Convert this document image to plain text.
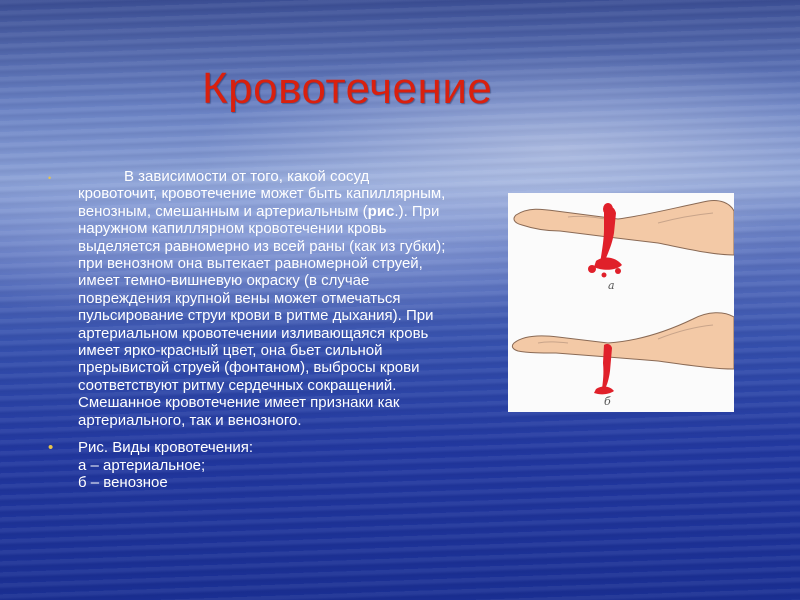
Кровотечение
•	В зависимости от того, какой сосуд кровоточит, кровотечение может быть капиллярным, венозным, смешанным и артериальным (рис.). При наружном капиллярном кровотечении кровь выделяется равномерно из всей раны (как из губки); при венозном она вытекает равномерной струей, имеет темно-вишневую окраску (в случае повреждения крупной вены может отмечаться пульсирование струи крови в ритме дыхания). При артериальном кровотечении изливающаяся кровь имеет ярко-красный цвет, она бьет сильной прерывистой струей (фонтаном), выбросы крови соответствуют ритму сердечных сокращений. Смешанное кровотечение имеет признаки как артериального, так и венозного.
• Рис. Виды кровотечения:
а – артериальное;
б – венозное
а
б
